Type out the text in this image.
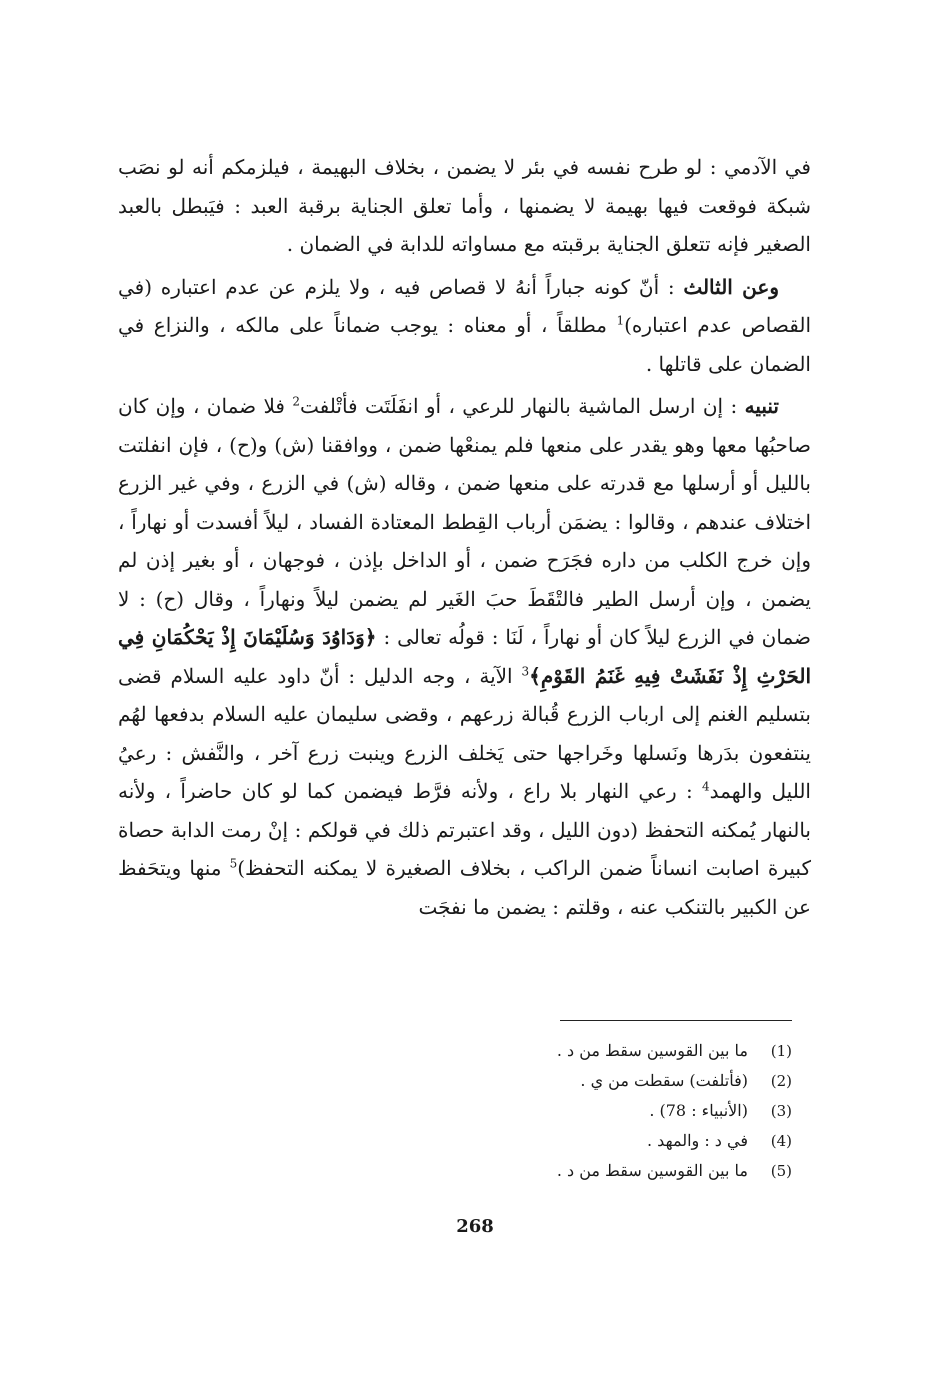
في الآدمي : لو طرح نفسه في بئر لا يضمن ، بخلاف البهيمة ، فيلزمكم أنه لو نصَب شبكة فوقعت فيها بهيمة لا يضمنها ، وأما تعلق الجناية برقبة العبد : فيَبطل بالعبد الصغير فإنه تتعلق الجناية برقبته مع مساواته للدابة في الضمان .

وعن الثالث : أنّ كونه جباراً أنهُ لا قصاص فيه ، ولا يلزم عن عدم اعتباره (في القصاص عدم اعتباره)$^1$ مطلقاً ، أو معناه : يوجب ضماناً على مالكه ، والنزاع في الضمان على قاتلها .

تنبيه : إن ارسل الماشية بالنهار للرعي ، أو انفَلَتَت فأتْلفت$^2$ فلا ضمان ، وإن كان صاحبُها معها وهو يقدر على منعها فلم يمنعْها ضمن ، ووافقنا (ش) و(ح) ، فإن انفلتت بالليل أو أرسلها مع قدرته على منعها ضمن ، وقاله (ش) في الزرع ، وفي غير الزرع اختلاف عندهم ، وقالوا : يضمَن أرباب القِطط المعتادة الفساد ، ليلاً أفسدت أو نهاراً ، وإن خرج الكلب من داره فجَرَح ضمن ، أو الداخل بإذن ، فوجهان ، أو بغير إذن لم يضمن ، وإن أرسل الطير فالتْقَطَ حبَ الغَير لم يضمن ليلاً ونهاراً ، وقال (ح) : لا ضمان في الزرع ليلاً كان أو نهاراً ، لَنَا : قولُه تعالى : ﴿وَدَاوُدَ وَسُلَيْمَانَ إِذْ يَحْكُمَانِ فِي الحَرْثِ إِذْ نَفَشَتْ فِيهِ غَنَمُ القَوْمِ﴾$^3$ الآية ، وجه الدليل : أنّ داود عليه السلام قضى بتسليم الغنم إلى ارباب الزرع قُبالة زرعهم ، وقضى سليمان عليه السلام بدفعها لهُم ينتفعون بدَرها ونَسلها وخَراجها حتى يَخلف الزرع وينبت زرع آخر ، والنَّفش : رعيُ الليل والهمد$^4$ : رعي النهار بلا راع ، ولأنه فرَّط فيضمن كما لو كان حاضراً ، ولأنه بالنهار يُمكنه التحفظ (دون الليل ، وقد اعتبرتم ذلك في قولكم : إنْ رمت الدابة حصاة كبيرة اصابت انساناً ضمن الراكب ، بخلاف الصغيرة لا يمكنه التحفظ)$^5$ منها ويتحَفظ عن الكبير بالتنكب عنه ، وقلتم : يضمن ما نفجَت

(1)
ما بين القوسين سقط من د .
(2)
(فأتلفت) سقطت من ي .
(3)
(الأنبياء : 78) .
(4)
في د : والمهد .
(5)
ما بين القوسين سقط من د .
268
